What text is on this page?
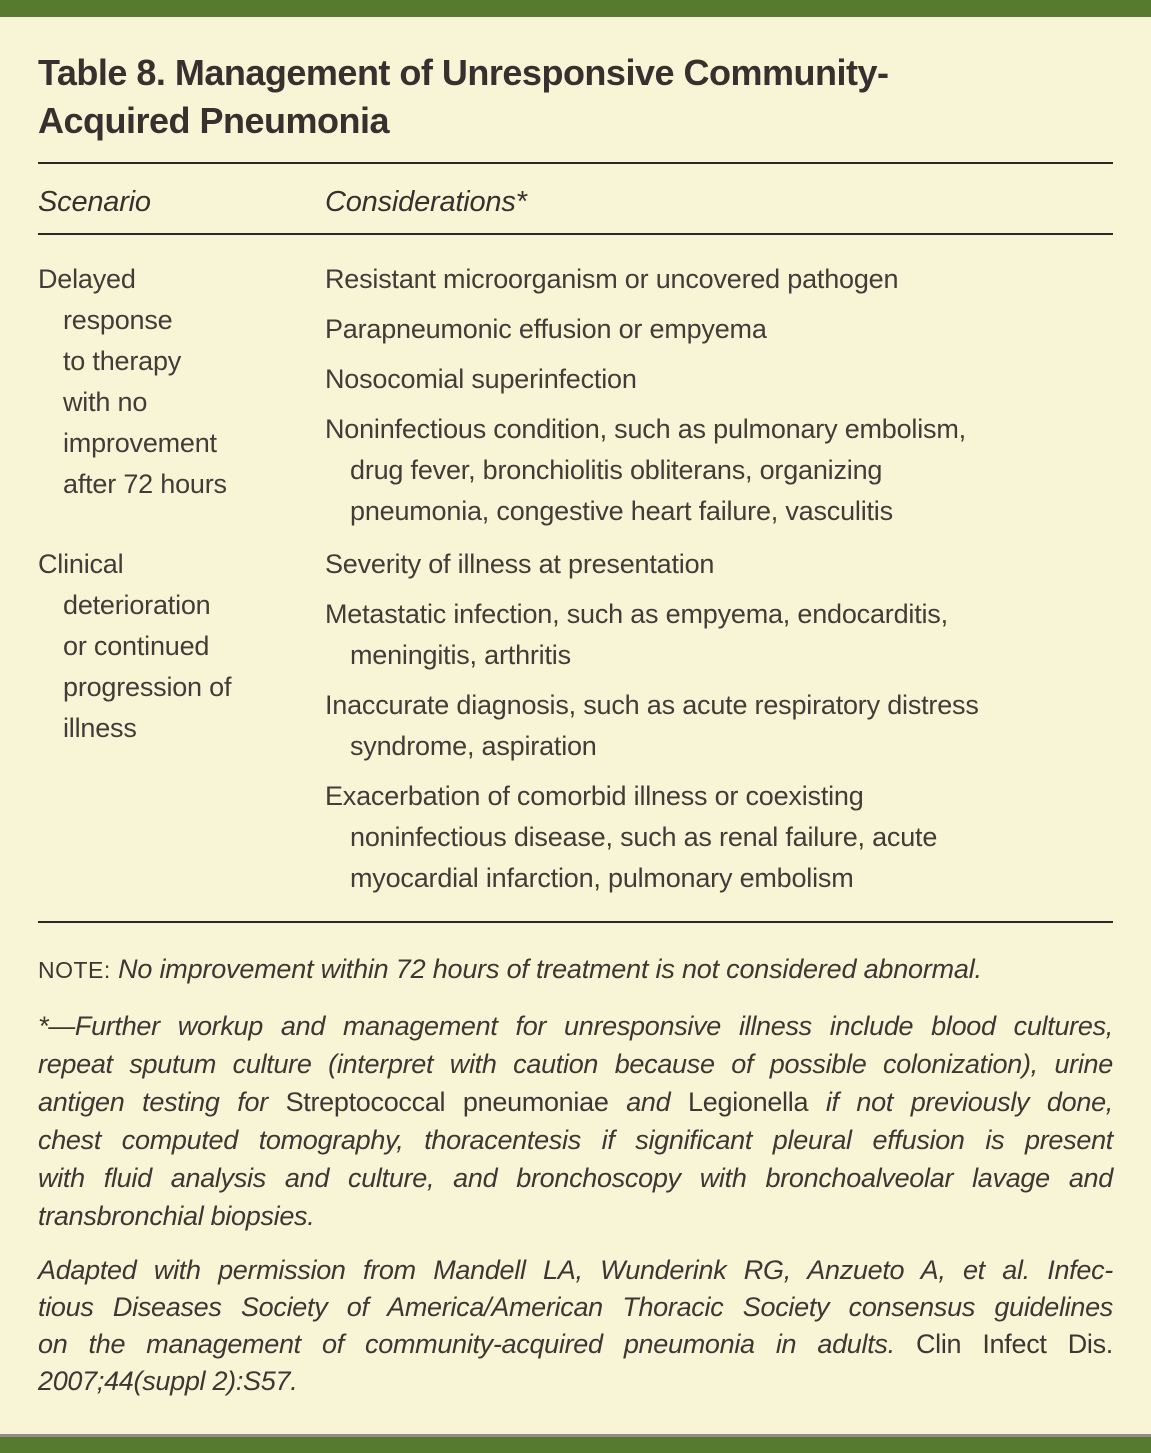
Table 8. Management of Unresponsive Community-
Acquired Pneumonia
Scenario	Considerations*
Delayed
response
to therapy
with no
improvement
after 72 hours
Resistant microorganism or uncovered pathogen
Parapneumonic effusion or empyema
Nosocomial superinfection
Noninfectious condition, such as pulmonary embolism,
drug fever, bronchiolitis obliterans, organizing
pneumonia, congestive heart failure, vasculitis
Clinical
deterioration
or continued
progression of
illness
Severity of illness at presentation
Metastatic infection, such as empyema, endocarditis,
meningitis, arthritis
Inaccurate diagnosis, such as acute respiratory distress
syndrome, aspiration
Exacerbation of comorbid illness or coexisting
noninfectious disease, such as renal failure, acute
myocardial infarction, pulmonary embolism

NOTE: No improvement within 72 hours of treatment is not considered abnormal.

*—Further workup and management for unresponsive illness include blood cultures,
repeat sputum culture (interpret with caution because of possible colonization), urine
antigen testing for Streptococcal pneumoniae and Legionella if not previously done,
chest computed tomography, thoracentesis if significant pleural effusion is present
with fluid analysis and culture, and bronchoscopy with bronchoalveolar lavage and
transbronchial biopsies.

Adapted with permission from Mandell LA, Wunderink RG, Anzueto A, et al. Infec-
tious Diseases Society of America/American Thoracic Society consensus guidelines
on the management of community-acquired pneumonia in adults. Clin Infect Dis.
2007;44(suppl 2):S57.
